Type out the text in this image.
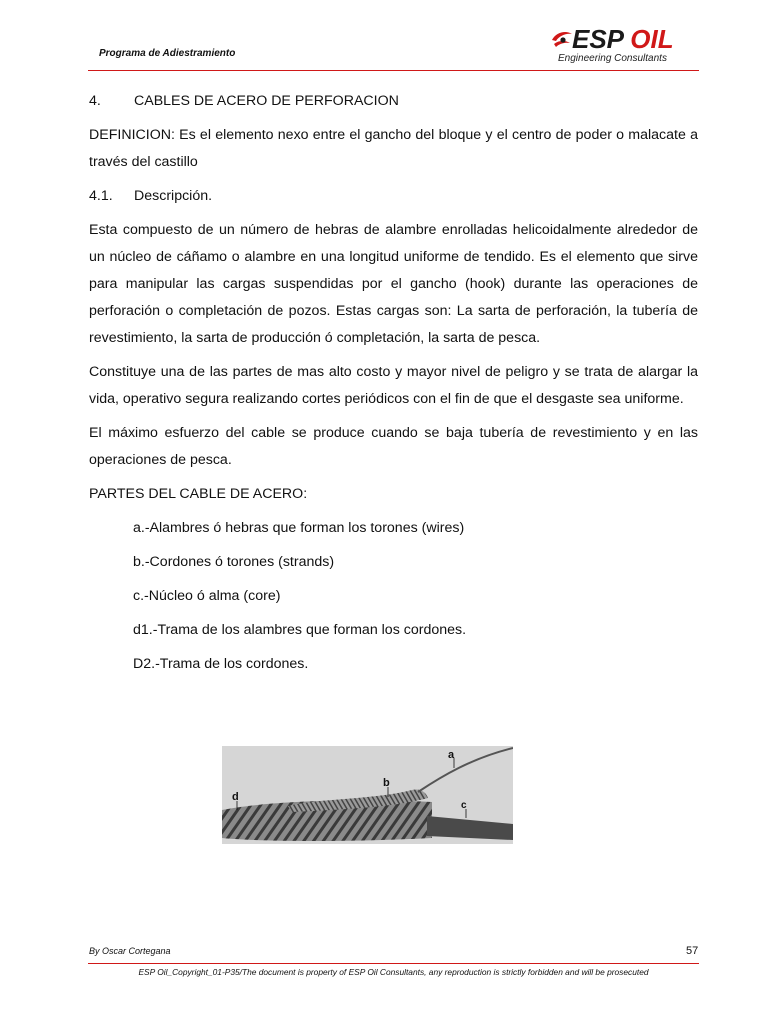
Programa de Adiestramiento	ESP OIL
Engineering Consultants

4.	CABLES DE ACERO DE PERFORACION

DEFINICION: Es el elemento nexo entre el gancho del bloque y el centro de poder o malacate a través del castillo

4.1.	Descripción.

Esta compuesto de un número de hebras de alambre enrolladas helicoidalmente alrededor de un núcleo de cáñamo o alambre en una longitud uniforme de tendido. Es el elemento que sirve para manipular las cargas suspendidas por el gancho (hook) durante las operaciones de perforación o completación de pozos. Estas cargas son: La sarta de perforación, la tubería de revestimiento, la sarta de producción ó completación, la sarta de pesca.

Constituye una de las partes de mas alto costo y mayor nivel de peligro y se trata de alargar la vida, operativo segura realizando cortes periódicos con el fin de que el desgaste sea uniforme.

El máximo esfuerzo del cable se produce cuando se baja tubería de revestimiento y en las operaciones de pesca.

PARTES DEL CABLE DE ACERO:

a.-Alambres ó hebras que forman los torones (wires)

b.-Cordones ó torones (strands)

c.-Núcleo ó alma (core)

d1.-Trama de los alambres que forman los cordones.

D2.-Trama de los cordones.

a
b
c
d
By Oscar Cortegana	57
ESP Oil_Copyright_01-P35/The document is property of ESP Oil Consultants, any reproduction is strictly forbidden and will be prosecuted
